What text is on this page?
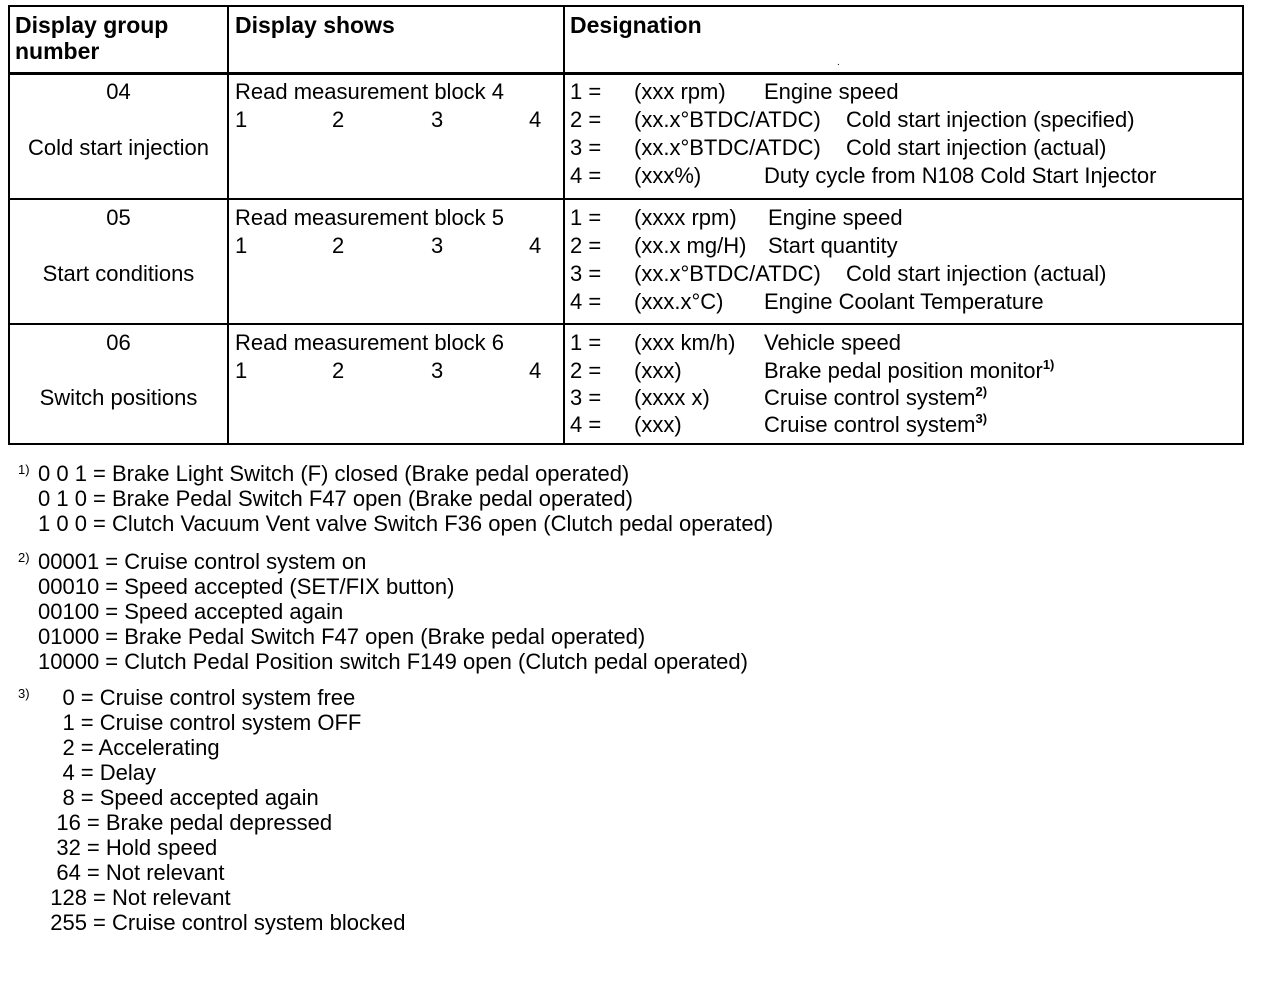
Display group number
Display shows	Designation
.
04
Cold start injection
Read measurement block 4
1	2	3	4
1 = (xxx rpm) Engine speed
2 = (xx.x°BTDC/ATDC) Cold start injection (specified)
3 = (xx.x°BTDC/ATDC) Cold start injection (actual)
4 = (xxx%)	Duty cycle from N108 Cold Start Injector
05
Start conditions
Read measurement block 5
1	2	3	4
1 = (xxxx rpm) Engine speed
2 = (xx.x mg/H) Start quantity
3 = (xx.x°BTDC/ATDC) Cold start injection (actual)
4 = (xxx.x°C) Engine Coolant Temperature
06
Switch positions
Read measurement block 6
1	2	3	4
1 = (xxx km/h) Vehicle speed
2 = (xxx)	Brake pedal position monitor$^{1)}$
3 = (xxxx x) Cruise control system$^{2)}$
4 = (xxx)	Cruise control system$^{3)}$

1)

0 0 1 = Brake Light Switch (F) closed (Brake pedal operated)

0 1 0 = Brake Pedal Switch F47 open (Brake pedal operated)

1 0 0 = Clutch Vacuum Vent valve Switch F36 open (Clutch pedal operated)

2)

00001 = Cruise control system on

00010 = Speed accepted (SET/FIX button)

00100 = Speed accepted again

01000 = Brake Pedal Switch F47 open (Brake pedal operated)

10000 = Clutch Pedal Position switch F149 open (Clutch pedal operated)

3)

0 = Cruise control system free

1 = Cruise control system OFF

2 = Accelerating

4 = Delay

8 = Speed accepted again

16 = Brake pedal depressed

32 = Hold speed

64 = Not relevant

128 = Not relevant

255 = Cruise control system blocked
